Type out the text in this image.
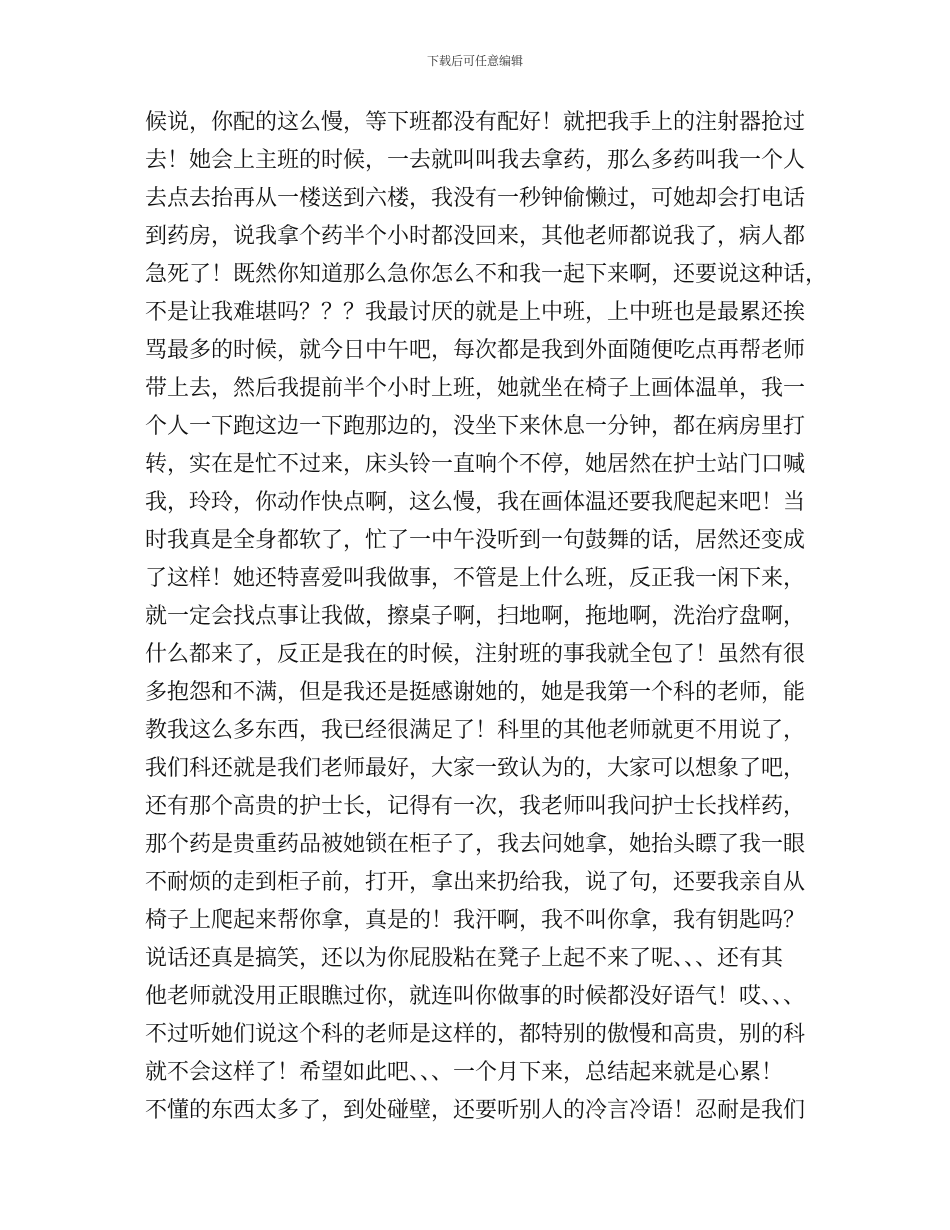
下载后可任意编辑
候说，你配的这么慢，等下班都没有配好！就把我手上的注射器抢过
去！她会上主班的时候，一去就叫叫我去拿药，那么多药叫我一个人
去点去抬再从一楼送到六楼，我没有一秒钟偷懒过，可她却会打电话
到药房，说我拿个药半个小时都没回来，其他老师都说我了，病人都
急死了！既然你知道那么急你怎么不和我一起下来啊，还要说这种话，
不是让我难堪吗？？？我最讨厌的就是上中班，上中班也是最累还挨
骂最多的时候，就今日中午吧，每次都是我到外面随便吃点再帮老师
带上去，然后我提前半个小时上班，她就坐在椅子上画体温单，我一
个人一下跑这边一下跑那边的，没坐下来休息一分钟，都在病房里打
转，实在是忙不过来，床头铃一直响个不停，她居然在护士站门口喊
我，玲玲，你动作快点啊，这么慢，我在画体温还要我爬起来吧！当
时我真是全身都软了，忙了一中午没听到一句鼓舞的话，居然还变成
了这样！她还特喜爱叫我做事，不管是上什么班，反正我一闲下来，
就一定会找点事让我做，擦桌子啊，扫地啊，拖地啊，洗治疗盘啊，
什么都来了，反正是我在的时候，注射班的事我就全包了！虽然有很
多抱怨和不满，但是我还是挺感谢她的，她是我第一个科的老师，能
教我这么多东西，我已经很满足了！科里的其他老师就更不用说了，
我们科还就是我们老师最好，大家一致认为的，大家可以想象了吧，
还有那个高贵的护士长，记得有一次，我老师叫我问护士长找样药，
那个药是贵重药品被她锁在柜子了，我去问她拿，她抬头瞟了我一眼
不耐烦的走到柜子前，打开，拿出来扔给我，说了句，还要我亲自从
椅子上爬起来帮你拿，真是的！我汗啊，我不叫你拿，我有钥匙吗？
说话还真是搞笑，还以为你屁股粘在凳子上起不来了呢、、、还有其
他老师就没用正眼瞧过你，就连叫你做事的时候都没好语气！哎、、、
不过听她们说这个科的老师是这样的，都特别的傲慢和高贵，别的科
就不会这样了！希望如此吧、、、一个月下来，总结起来就是心累！
不懂的东西太多了，到处碰壁，还要听别人的冷言冷语！忍耐是我们
